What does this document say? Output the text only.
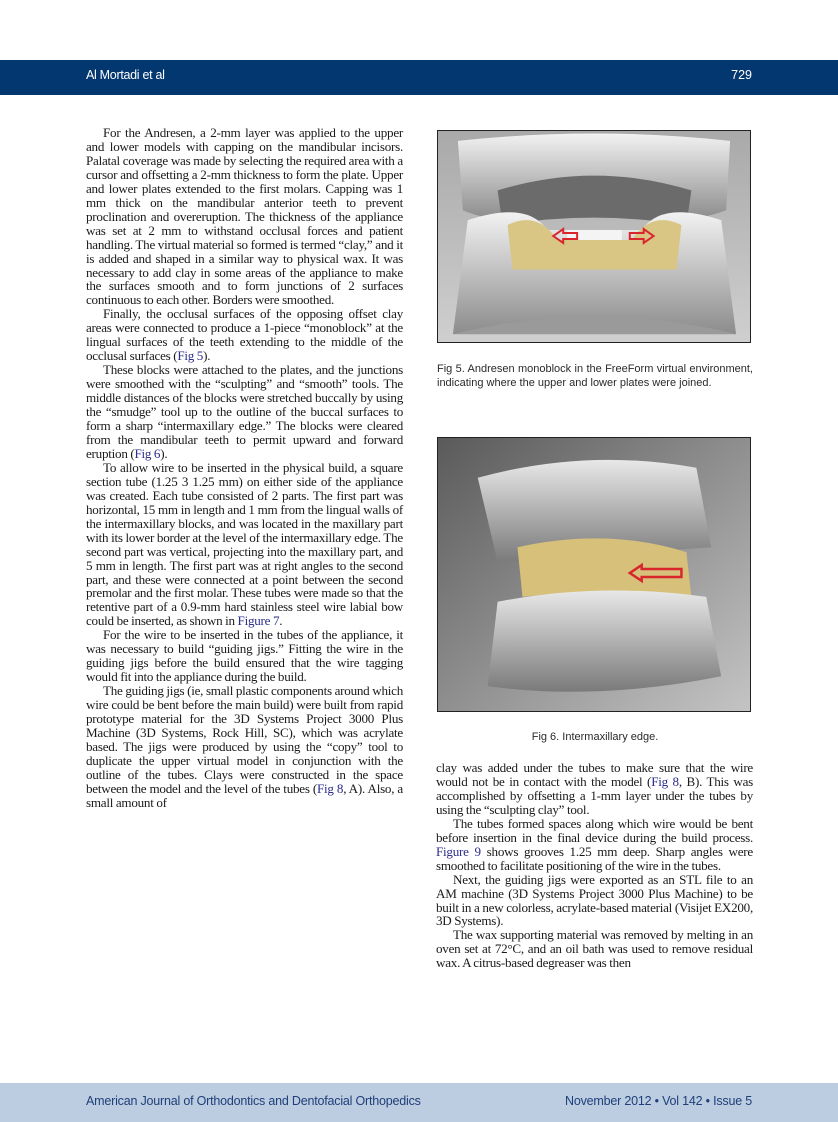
Al Mortadi et al	729

For the Andresen, a 2-mm layer was applied to the upper and lower models with capping on the mandibular incisors. Palatal coverage was made by selecting the required area with a cursor and offsetting a 2-mm thickness to form the plate. Upper and lower plates extended to the first molars. Capping was 1 mm thick on the mandibular anterior teeth to prevent proclination and overeruption. The thickness of the appliance was set at 2 mm to withstand occlusal forces and patient handling. The virtual material so formed is termed “clay,” and it is added and shaped in a similar way to physical wax. It was necessary to add clay in some areas of the appliance to make the surfaces smooth and to form junctions of 2 surfaces continuous to each other. Borders were smoothed.

Finally, the occlusal surfaces of the opposing offset clay areas were connected to produce a 1-piece “monoblock” at the lingual surfaces of the teeth extending to the middle of the occlusal surfaces (Fig 5).

These blocks were attached to the plates, and the junctions were smoothed with the “sculpting” and “smooth” tools. The middle distances of the blocks were stretched buccally by using the “smudge” tool up to the outline of the buccal surfaces to form a sharp “intermaxillary edge.” The blocks were cleared from the mandibular teeth to permit upward and forward eruption (Fig 6).

To allow wire to be inserted in the physical build, a square section tube (1.25 3 1.25 mm) on either side of the appliance was created. Each tube consisted of 2 parts. The first part was horizontal, 15 mm in length and 1 mm from the lingual walls of the intermaxillary blocks, and was located in the maxillary part with its lower border at the level of the intermaxillary edge. The second part was vertical, projecting into the maxillary part, and 5 mm in length. The first part was at right angles to the second part, and these were connected at a point between the second premolar and the first molar. These tubes were made so that the retentive part of a 0.9-mm hard stainless steel wire labial bow could be inserted, as shown in Figure 7.

For the wire to be inserted in the tubes of the appliance, it was necessary to build “guiding jigs.” Fitting the wire in the guiding jigs before the build ensured that the wire tagging would fit into the appliance during the build.

The guiding jigs (ie, small plastic components around which wire could be bent before the main build) were built from rapid prototype material for the 3D Systems Project 3000 Plus Machine (3D Systems, Rock Hill, SC), which was acrylate based. The jigs were produced by using the “copy” tool to duplicate the upper virtual model in conjunction with the outline of the tubes. Clays were constructed in the space between the model and the level of the tubes (Fig 8, A). Also, a small amount of

Fig 5. Andresen monoblock in the FreeForm virtual environment, indicating where the upper and lower plates were joined.
Fig 6. Intermaxillary edge.

clay was added under the tubes to make sure that the wire would not be in contact with the model (Fig 8, B). This was accomplished by offsetting a 1-mm layer under the tubes by using the “sculpting clay” tool.

The tubes formed spaces along which wire would be bent before insertion in the final device during the build process. Figure 9 shows grooves 1.25 mm deep. Sharp angles were smoothed to facilitate positioning of the wire in the tubes.

Next, the guiding jigs were exported as an STL file to an AM machine (3D Systems Project 3000 Plus Machine) to be built in a new colorless, acrylate-based material (Visijet EX200, 3D Systems).

The wax supporting material was removed by melting in an oven set at 72°C, and an oil bath was used to remove residual wax. A citrus-based degreaser was then

American Journal of Orthodontics and Dentofacial Orthopedics	November 2012 • Vol 142 • Issue 5
